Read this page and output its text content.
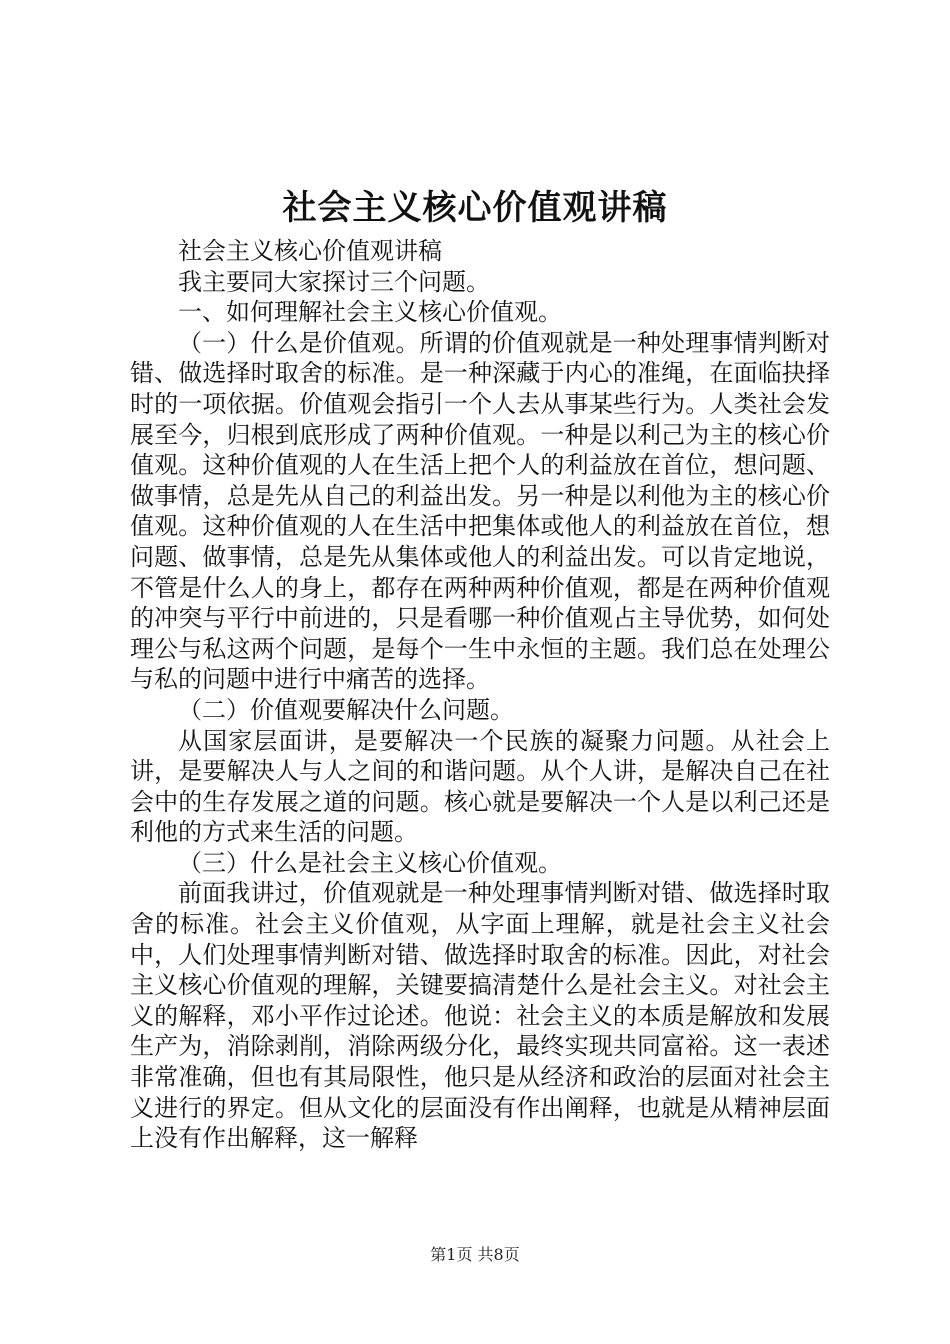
社会主义核心价值观讲稿

社会主义核心价值观讲稿

我主要同大家探讨三个问题。

一、如何理解社会主义核心价值观。

（一）什么是价值观。所谓的价值观就是一种处理事情判断对错、做选择时取舍的标准。是一种深藏于内心的准绳，在面临抉择时的一项依据。价值观会指引一个人去从事某些行为。人类社会发展至今，归根到底形成了两种价值观。一种是以利己为主的核心价值观。这种价值观的人在生活上把个人的利益放在首位，想问题、做事情，总是先从自己的利益出发。另一种是以利他为主的核心价值观。这种价值观的人在生活中把集体或他人的利益放在首位，想问题、做事情，总是先从集体或他人的利益出发。可以肯定地说，不管是什么人的身上，都存在两种两种价值观，都是在两种价值观的冲突与平行中前进的，只是看哪一种价值观占主导优势，如何处理公与私这两个问题，是每个一生中永恒的主题。我们总在处理公与私的问题中进行中痛苦的选择。

（二）价值观要解决什么问题。

从国家层面讲，是要解决一个民族的凝聚力问题。从社会上讲，是要解决人与人之间的和谐问题。从个人讲，是解决自己在社会中的生存发展之道的问题。核心就是要解决一个人是以利己还是利他的方式来生活的问题。

（三）什么是社会主义核心价值观。

前面我讲过，价值观就是一种处理事情判断对错、做选择时取舍的标准。社会主义价值观，从字面上理解，就是社会主义社会中，人们处理事情判断对错、做选择时取舍的标准。因此，对社会主义核心价值观的理解，关键要搞清楚什么是社会主义。对社会主义的解释，邓小平作过论述。他说：社会主义的本质是解放和发展生产为，消除剥削，消除两级分化，最终实现共同富裕。这一表述非常准确，但也有其局限性，他只是从经济和政治的层面对社会主义进行的界定。但从文化的层面没有作出阐释，也就是从精神层面上没有作出解释，这一解释

第1页 共8页
